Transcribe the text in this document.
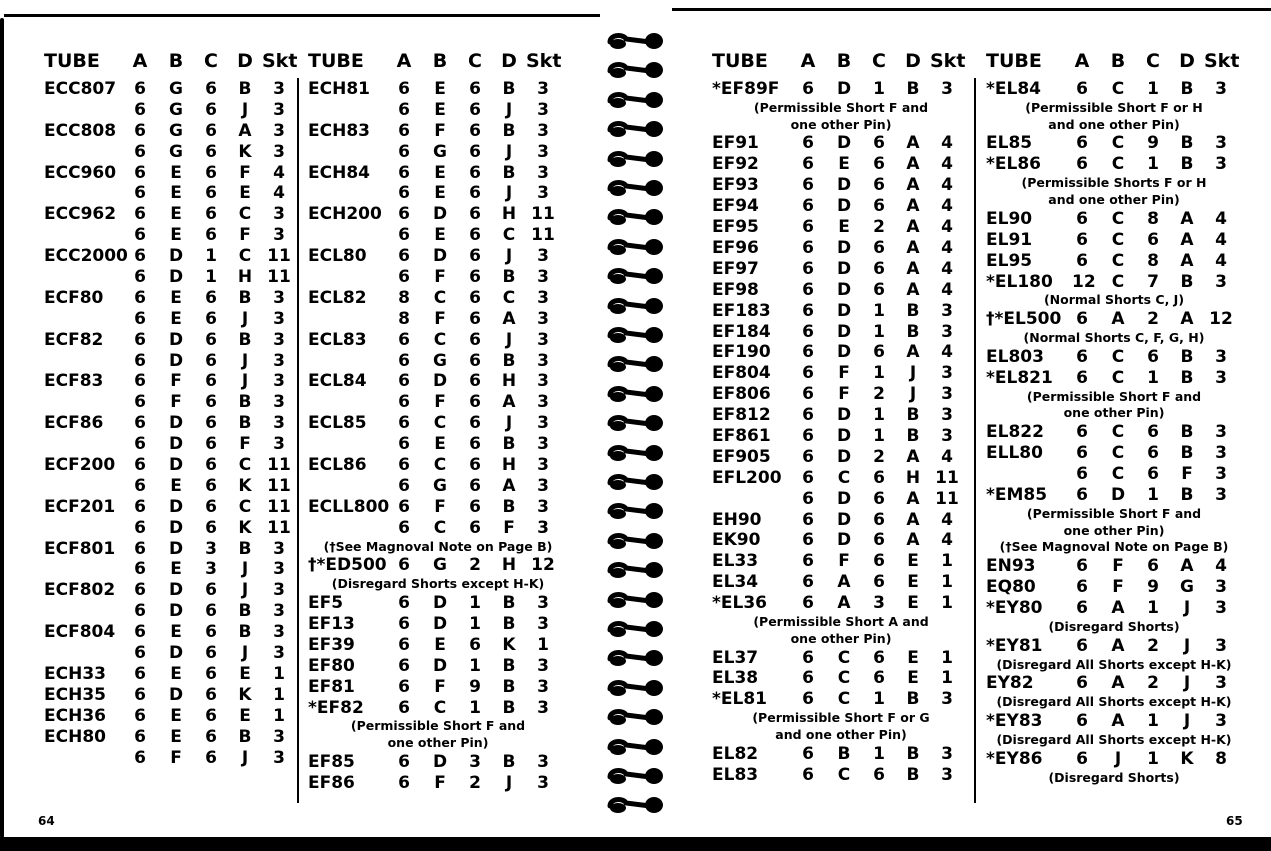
TUBE A B C D Skt
ECC807 6 G 6 B	3
6 G 6	J	3
ECC808 6 G 6 A	3
6 G 6 K	3
ECC960 6 E 6 F	4
6 E 6 E	4
ECC962 6 E 6 C	3
6 E 6 F	3
ECC2000 6 D 1 C 11
6 D 1 H 11
ECF80 6 E 6 B	3
6 E 6	J	3
ECF82 6 D 6 B	3
6 D 6	J	3
ECF83 6 F 6	J	3
6 F 6 B	3
ECF86 6 D 6 B	3
6 D 6 F	3
ECF200 6 D 6 C 11
6 E 6 K 11
ECF201 6 D 6 C 11
6 D 6 K 11
ECF801 6 D 3 B	3
6 E 3	J	3
ECF802 6 D 6	J	3
6 D 6 B	3
ECF804 6 E 6 B	3
6 D 6	J	3
ECH33 6 E 6 E	1
ECH35 6 D 6 K	1
ECH36 6 E 6 E	1
ECH80 6 E 6 B	3
6 F 6	J	3
TUBE A B C D Skt
ECH81 6 E 6 B	3
6 E 6	J	3
ECH83 6 F 6 B	3
6 G 6	J	3
ECH84 6 E 6 B	3
6 E 6	J	3
ECH200 6 D 6 H 11
6 E 6 C 11
ECL80 6 D 6	J	3
6 F 6 B	3
ECL82 8 C 6 C	3
8 F 6 A	3
ECL83 6 C 6	J	3
6 G 6 B	3
ECL84 6 D 6 H	3
6 F 6 A	3
ECL85 6 C 6	J	3
6 E 6 B	3
ECL86 6 C 6 H	3
6 G 6 A	3
ECLL800 6 F 6 B	3
6 C 6 F	3
(†See Magnoval Note on Page B)
†*ED500 6 G 2 H 12
(Disregard Shorts except H-K)
EF5	6 D 1 B	3
EF13	6 D 1 B	3
EF39	6 E 6 K	1
EF80	6 D 1 B	3
EF81	6 F 9 B	3
*EF82 6 C 1 B	3
(Permissible Short F and
one other Pin)
EF85	6 D 3 B	3
EF86	6 F 2	J	3
64
TUBE A B C D Skt
*EF89F 6 D 1 B	3
(Permissible Short F and
one other Pin)
EF91	6 D 6 A	4
EF92	6 E 6 A	4
EF93	6 D 6 A	4
EF94	6 D 6 A	4
EF95	6 E 2 A	4
EF96	6 D 6 A	4
EF97	6 D 6 A	4
EF98	6 D 6 A	4
EF183 6 D 1 B	3
EF184 6 D 1 B	3
EF190 6 D 6 A	4
EF804 6 F 1	J	3
EF806 6 F 2	J	3
EF812 6 D 1 B	3
EF861 6 D 1 B	3
EF905 6 D 2 A	4
EFL200 6 C 6 H 11
6 D 6 A 11
EH90 6 D 6 A	4
EK90 6 D 6 A	4
EL33	6 F 6 E	1
EL34	6 A 6 E	1
*EL36 6 A 3 E	1
(Permissible Short A and
one other Pin)
EL37	6 C 6 E	1
EL38	6 C 6 E	1
*EL81 6 C 1 B	3
(Permissible Short F or G
and one other Pin)
EL82	6 B 1 B	3
EL83	6 C 6 B	3
TUBE A B C D Skt
*EL84 6 C 1 B	3
(Permissible Short F or H
and one other Pin)
EL85	6 C 9 B	3
*EL86 6 C 1 B	3
(Permissible Shorts F or H
and one other Pin)
EL90	6 C 8 A	4
EL91	6 C 6 A	4
EL95	6 C 8 A	4
*EL180 12 C 7 B	3
(Normal Shorts C, J)
†*EL500 6 A 2 A 12
(Normal Shorts C, F, G, H)
EL803 6 C 6 B	3
*EL821 6 C 1 B	3
(Permissible Short F and
one other Pin)
EL822 6 C 6 B	3
ELL80 6 C 6 B	3
6 C 6 F	3
*EM85 6 D 1 B	3
(Permissible Short F and
one other Pin)
(†See Magnoval Note on Page B)
EN93 6 F 6 A	4
EQ80 6 F 9 G	3
*EY80 6 A 1	J	3
(Disregard Shorts)
*EY81 6 A 2	J	3
(Disregard All Shorts except H-K)
EY82 6 A 2	J	3
(Disregard All Shorts except H-K)
*EY83 6 A 1	J	3
(Disregard All Shorts except H-K)
*EY86 6	J	1 K	8
(Disregard Shorts)
65
